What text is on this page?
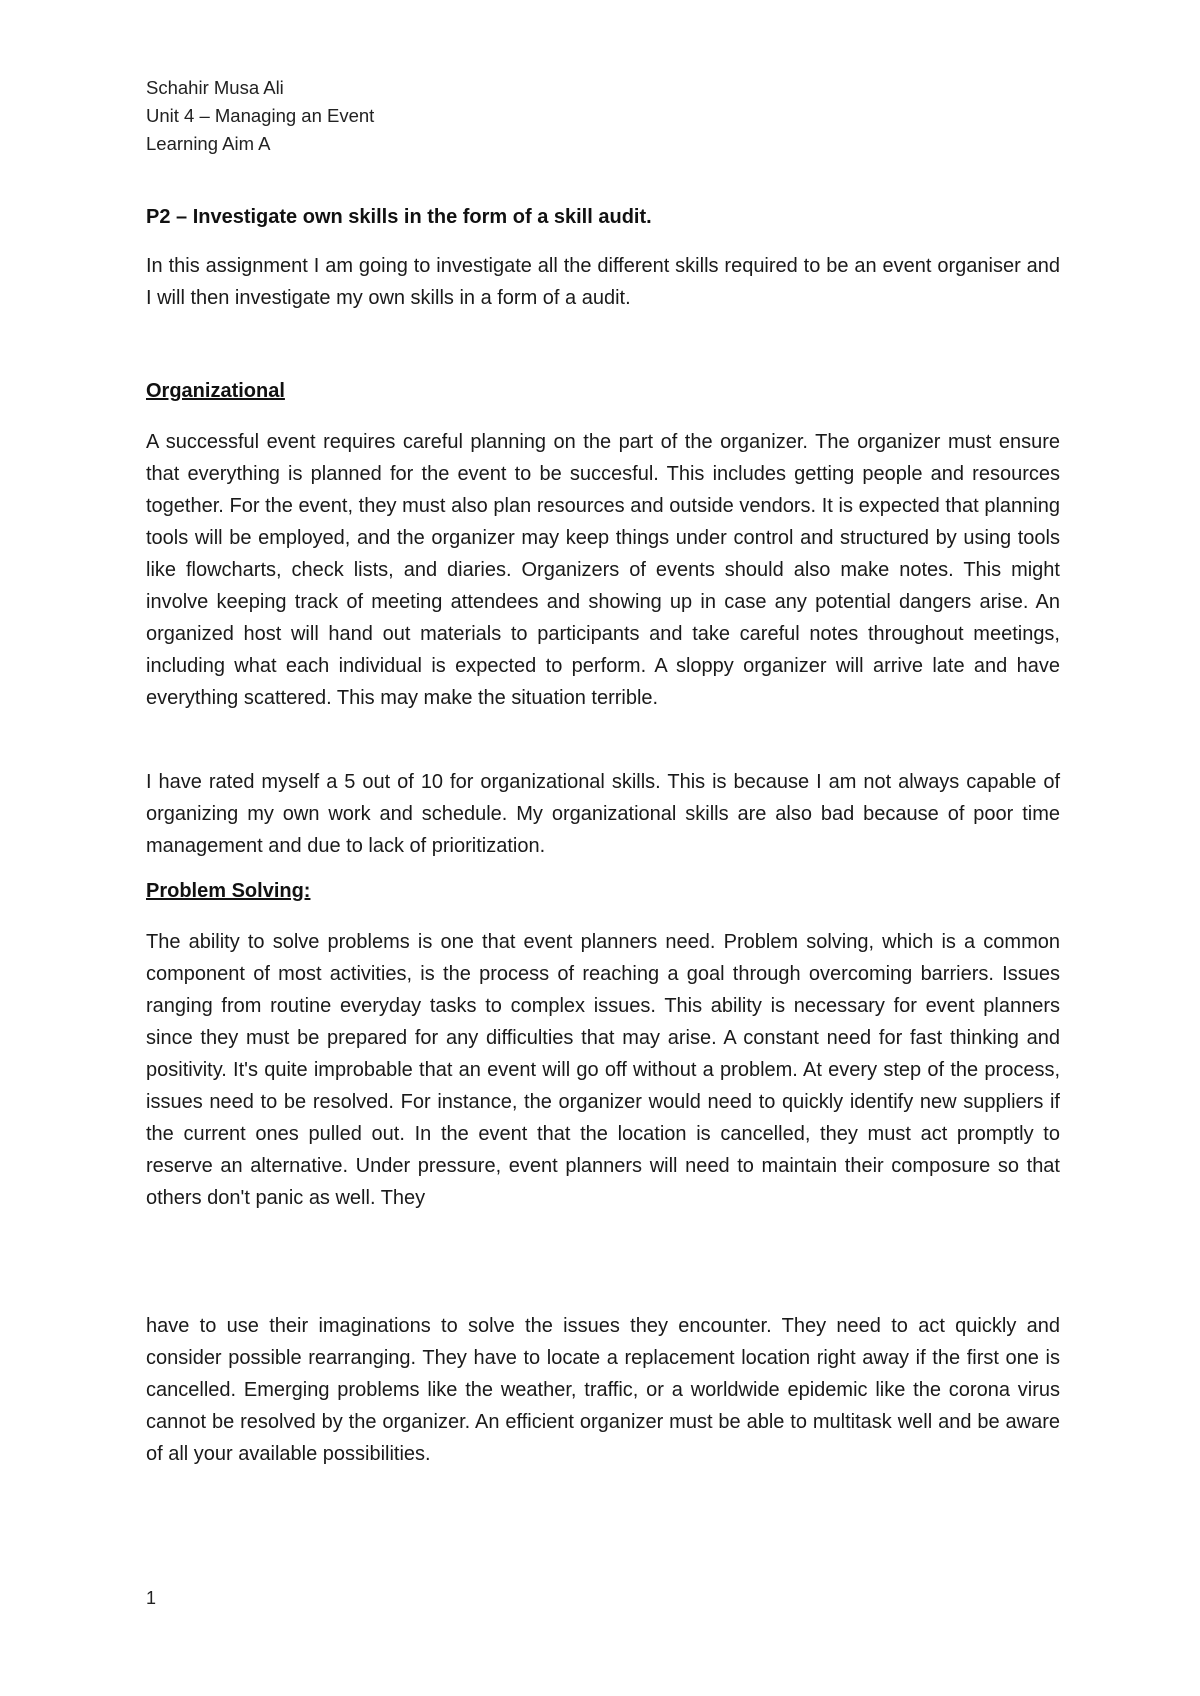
Schahir Musa Ali

Unit 4 – Managing an Event

Learning Aim A

P2 – Investigate own skills in the form of a skill audit.

In this assignment I am going to investigate all the different skills required to be an event organiser and I will then investigate my own skills in a form of a audit.

Organizational

A successful event requires careful planning on the part of the organizer. The organizer must ensure that everything is planned for the event to be succesful. This includes getting people and resources together. For the event, they must also plan resources and outside vendors. It is expected that planning tools will be employed, and the organizer may keep things under control and structured by using tools like flowcharts, check lists, and diaries. Organizers of events should also make notes. This might involve keeping track of meeting attendees and showing up in case any potential dangers arise. An organized host will hand out materials to participants and take careful notes throughout meetings, including what each individual is expected to perform. A sloppy organizer will arrive late and have everything scattered. This may make the situation terrible.

I have rated myself a 5 out of 10 for organizational skills. This is because I am not always capable of organizing my own work and schedule. My organizational skills are also bad because of poor time management and due to lack of prioritization.

Problem Solving:

The ability to solve problems is one that event planners need. Problem solving, which is a common component of most activities, is the process of reaching a goal through overcoming barriers. Issues ranging from routine everyday tasks to complex issues. This ability is necessary for event planners since they must be prepared for any difficulties that may arise. A constant need for fast thinking and positivity. It's quite improbable that an event will go off without a problem. At every step of the process, issues need to be resolved. For instance, the organizer would need to quickly identify new suppliers if the current ones pulled out. In the event that the location is cancelled, they must act promptly to reserve an alternative. Under pressure, event planners will need to maintain their composure so that others don't panic as well. They

have to use their imaginations to solve the issues they encounter. They need to act quickly and consider possible rearranging. They have to locate a replacement location right away if the first one is cancelled. Emerging problems like the weather, traffic, or a worldwide epidemic like the corona virus cannot be resolved by the organizer. An efficient organizer must be able to multitask well and be aware of all your available possibilities.

1
